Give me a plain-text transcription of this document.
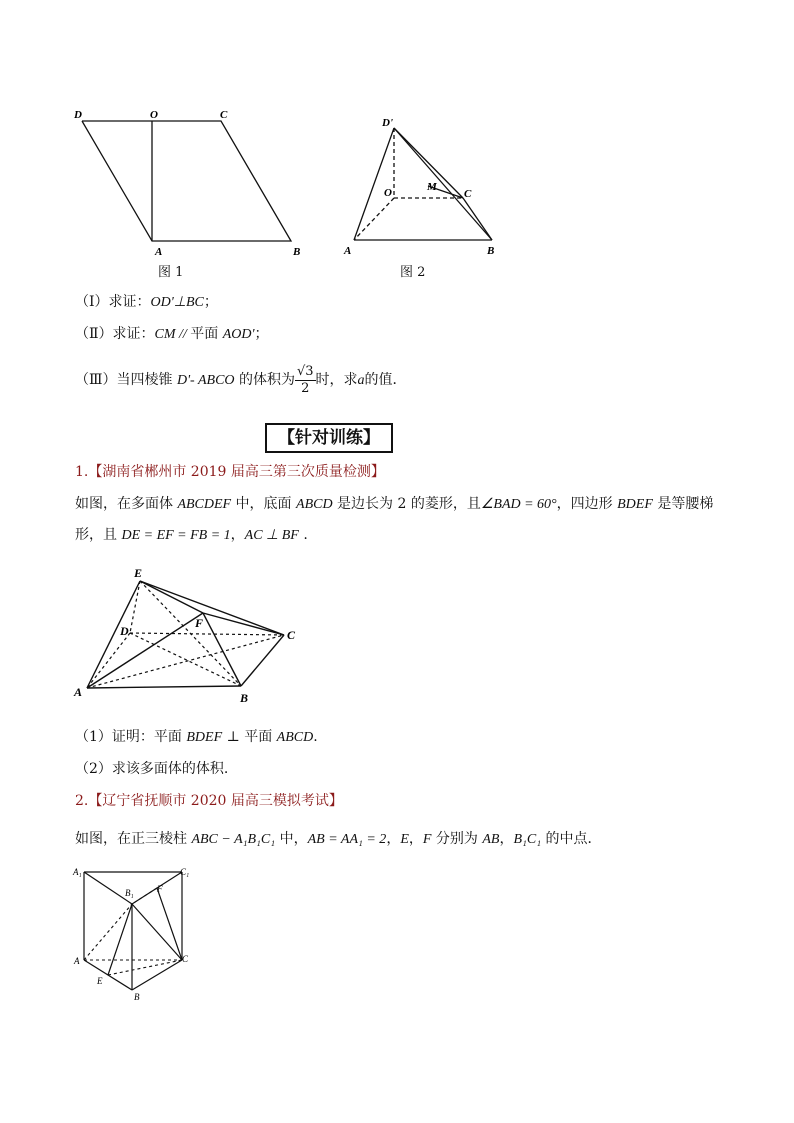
D	O	C
A	B
图 1
D'
O	M
C
A	B
图 2
（Ⅰ）求证：OD'⊥BC；
（Ⅱ）求证：CM // 平面 AOD'；
（Ⅲ）当四棱锥 D'- ABCO 的体积为 $\frac{√3}{2}$时，求a的值．
【针对训练】
1.【湖南省郴州市 2019 届高三第三次质量检测】
如图，在多面体 ABCDEF 中，底面 ABCD 是边长为 2 的菱形，且∠BAD = 60°，四边形 BDEF 是等腰梯
形，且 DE = EF = FB = 1，AC ⊥ BF .
E
F
D	C
A	B
（1）证明：平面 BDEF ⊥ 平面 ABCD.
（2）求该多面体的体积.
2.【辽宁省抚顺市 2020 届高三模拟考试】
如图，在正三棱柱 ABC − A₁B₁C₁ 中，AB = AA₁ = 2，E，F 分别为 AB，B₁C₁ 的中点．
A₁	C₁
B₁	F
A	C
E
B
